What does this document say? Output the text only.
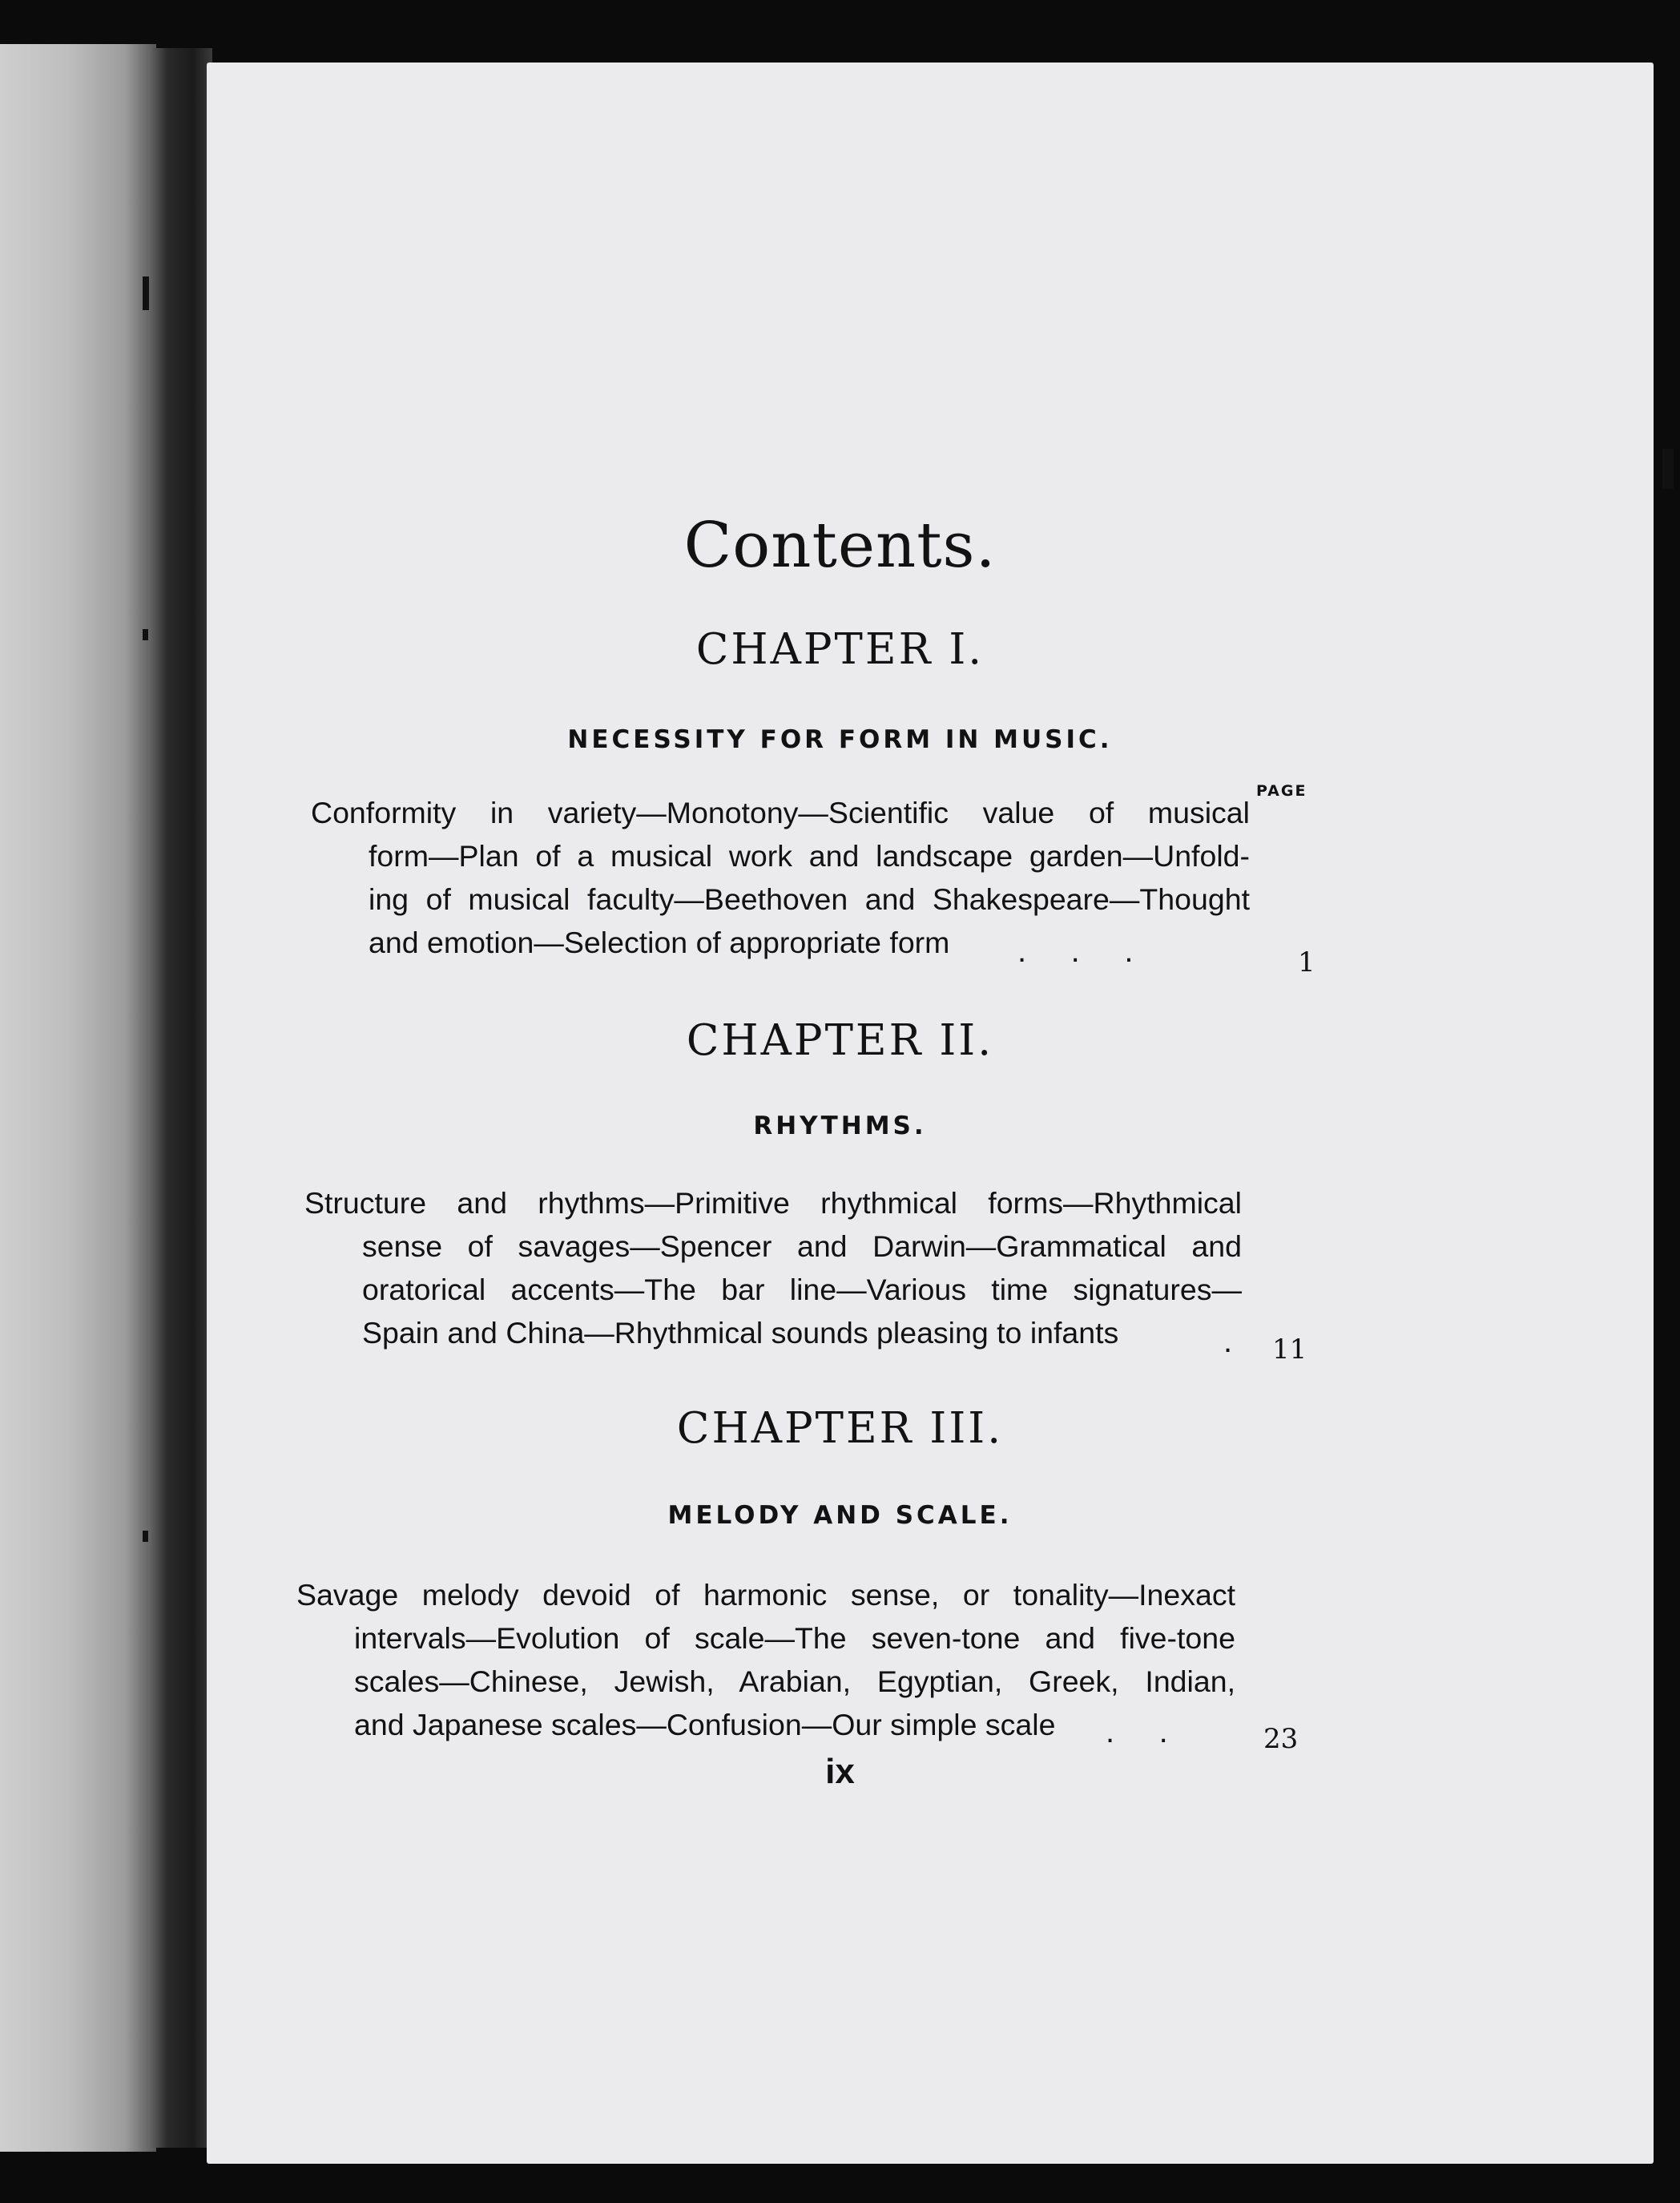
Contents.
CHAPTER I.
NECESSITY FOR FORM IN MUSIC.
PAGE
Conformity in variety—Monotony—Scientific value of musical
form—Plan of a musical work and landscape garden—Unfold-
ing of musical faculty—Beethoven and Shakespeare—Thought
and emotion—Selection of appropriate form	.     .     .	1
CHAPTER II.
RHYTHMS.
Structure and rhythms—Primitive rhythmical forms—Rhythmical
sense of savages—Spencer and Darwin—Grammatical and
oratorical accents—The bar line—Various time signatures—
Spain and China—Rhythmical sounds pleasing to infants	. 11
CHAPTER III.
MELODY AND SCALE.
Savage melody devoid of harmonic sense, or tonality—Inexact
intervals—Evolution of scale—The seven-tone and five-tone
scales—Chinese, Jewish, Arabian, Egyptian, Greek, Indian,
and Japanese scales—Confusion—Our simple scale	.     .	23
ix
